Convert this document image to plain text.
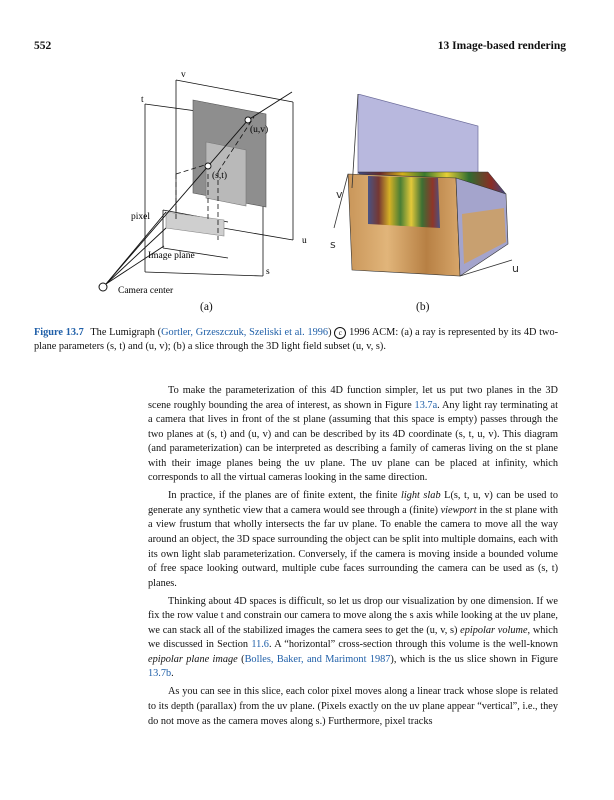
552	13 Image-based rendering
v
t
u
s
(u,v)
(s,t)
pixel
Image plane
Camera center
v
s
u
(a)	(b)
Figure 13.7 The Lumigraph (Gortler, Grzeszczuk, Szeliski et al. 1996) c 1996 ACM: (a) a ray is represented by its 4D two-plane parameters (s, t) and (u, v); (b) a slice through the 3D light field subset (u, v, s).

To make the parameterization of this 4D function simpler, let us put two planes in the 3D scene roughly bounding the area of interest, as shown in Figure 13.7a. Any light ray terminating at a camera that lives in front of the st plane (assuming that this space is empty) passes through the two planes at (s, t) and (u, v) and can be described by its 4D coordinate (s, t, u, v). This diagram (and parameterization) can be interpreted as describing a family of cameras living on the st plane with their image planes being the uv plane. The uv plane can be placed at infinity, which corresponds to all the virtual cameras looking in the same direction.

In practice, if the planes are of finite extent, the finite light slab L(s, t, u, v) can be used to generate any synthetic view that a camera would see through a (finite) viewport in the st plane with a view frustum that wholly intersects the far uv plane. To enable the camera to move all the way around an object, the 3D space surrounding the object can be split into multiple domains, each with its own light slab parameterization. Conversely, if the camera is moving inside a bounded volume of free space looking outward, multiple cube faces surrounding the camera can be used as (s, t) planes.

Thinking about 4D spaces is difficult, so let us drop our visualization by one dimension. If we fix the row value t and constrain our camera to move along the s axis while looking at the uv plane, we can stack all of the stabilized images the camera sees to get the (u, v, s) epipolar volume, which we discussed in Section 11.6. A “horizontal” cross-section through this volume is the well-known epipolar plane image (Bolles, Baker, and Marimont 1987), which is the us slice shown in Figure 13.7b.

As you can see in this slice, each color pixel moves along a linear track whose slope is related to its depth (parallax) from the uv plane. (Pixels exactly on the uv plane appear “vertical”, i.e., they do not move as the camera moves along s.) Furthermore, pixel tracks
